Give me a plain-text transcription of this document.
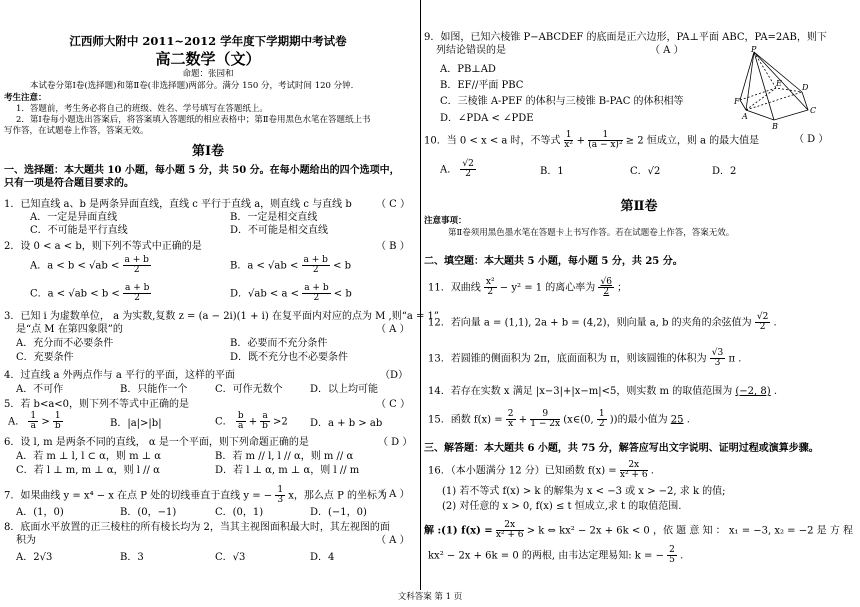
江西师大附中 2011~2012 学年度下学期期中考试卷
高二数学（文）
命题：张园和
本试卷分第Ⅰ卷(选择题)和第Ⅱ卷(非选择题)两部分。满分 150 分，考试时间 120 分钟.
考生注意：
1．答题前，考生务必将自己的班级、姓名、学号填写在答题纸上。
2．第Ⅰ卷每小题选出答案后，将答案填入答题纸的相应表格中；第Ⅱ卷用黑色水笔在答题纸上书
写作答，在试题卷上作答，答案无效。
第Ⅰ卷
一、选择题：本大题共 10 小题，每小题 5 分，共 50 分。在每小题给出的四个选项中，
只有一项是符合题目要求的。
1．已知直线 a、b 是两条异面直线，直线 c 平行于直线 a，则直线 c 与直线 b （ C ）
A．一定是异面直线	B．一定是相交直线
C．不可能是平行直线	D．不可能是相交直线
2．设 0 < a < b，则下列不等式中正确的是	（ B ）
A．$a < b < √ab < \frac{a + b}{2}$	B．$a < √ab < \frac{a + b}{2} < b$
C．$a < √ab < b < \frac{a + b}{2}$	D．$√ab < a < \frac{a + b}{2} < b$
3．已知 i 为虚数单位， a 为实数,复数 z = (a − 2i)(1 + i) 在复平面内对应的点为 M ,则“a = 1”
是“点 M 在第四象限”的	（ A ）
A．充分而不必要条件	B．必要而不充分条件
C．充要条件	D．既不充分也不必要条件
4．过直线 a 外两点作与 a 平行的平面，这样的平面	（D）
A．不可作	B．只能作一个	C．可作无数个	D．以上均可能
5．若 b<a<0，则下列不等式中正确的是	（ C ）
A． $\frac{1}{a} > \frac{1}{b}$	B．|a|>|b|	C． $\frac{b}{a} + \frac{a}{b} >2$ D．a + b > ab
6．设 l, m 是两条不同的直线， α 是一个平面，则下列命题正确的是	（ D ）
A．若 m ⊥ l, l ⊂ α，则 m ⊥ α	B．若 m // l, l // α，则 m // α
C．若 l ⊥ m, m ⊥ α，则 l // α	D．若 l ⊥ α, m ⊥ α，则 l // m
7．如果曲线 y = x⁴ − x 在点 P 处的切线垂直于直线 y = − $\frac{1}{3}$ x，那么点 P 的坐标为
（ A ）
A．(1，0)	B．(0，−1)	C．(0，1)	D．(−1，0)
8．底面水平放置的正三棱柱的所有棱长均为 2，当其主视图面积最大时，其左视图的面
积为	（ A ）
A．2√3	B．3	C．√3	D．4
9．如图，已知六棱锥 P−ABCDEF 的底面是正六边形，PA⊥平面 ABC，PA=2AB，则下
列结论错误的是	（ A ）
A．PB⊥AD
B．EF//平面 PBC
C．三棱锥 A-PEF 的体积与三棱锥 B-PAC 的体积相等
D．∠PDA < ∠PDE
P
F
E	D
A
B
C
10．当 0 < x < a 时，不等式 $\frac{1}{\text{x²}} + \frac{1}{\text{(a − x)²}} \ge 2$ 恒成立，则 a 的最大值是	（ D ）
A． $\frac{√2}{2}$	B．1	C．√2	D．2
第Ⅱ卷
注意事项：
第Ⅱ卷须用黑色墨水笔在答题卡上书写作答。若在试题卷上作答，答案无效。
二、填空题：本大题共 5 小题，每小题 5 分，共 25 分。
11．双曲线 $\frac{\text{x²}}{2} - y^2 = 1$ 的离心率为 $\frac{√6}{2}$ ；
12．若向量 a = (1,1), 2a + b = (4,2)，则向量 a, b 的夹角的余弦值为 $\frac{√2}{2}$ .
13．若圆锥的侧面积为 2π，底面面积为 π，则该圆锥的体积为 $\frac{√3}{3}$ π .
14．若存在实数 x 满足 |x−3|+|x−m|<5，则实数 m 的取值范围为 (−2, 8) .
15．函数 $f(x) = \frac{2}{x} + \frac{9}{1 - 2x}$ (x∈(0, $\frac{1}{2}$ ))的最小值为 25 .
三、解答题：本大题共 6 小题，共 75 分，解答应写出文字说明、证明过程或演算步骤。
16．（本小题满分 12 分）已知函数 $f(x) = \frac{2x}{\text{x² + 6}}$ .
(1) 若不等式 f(x) > k 的解集为 x < −3 或 x > −2, 求 k 的值;
(2) 对任意的 x > 0, f(x) ≤ t 恒成立,求 t 的取值范围.
解 :(1) $f(x) = \frac{2x}{\text{x² + 6}} > k$ ⇔ kx² − 2x + 6k < 0 ，依 题 意 知 ： x₁ = −3, x₂ = −2 是 方 程
kx² − 2x + 6k = 0 的两根, 由韦达定理易知: k = − $\frac{2}{5}$ .
文科答案 第 1 页
